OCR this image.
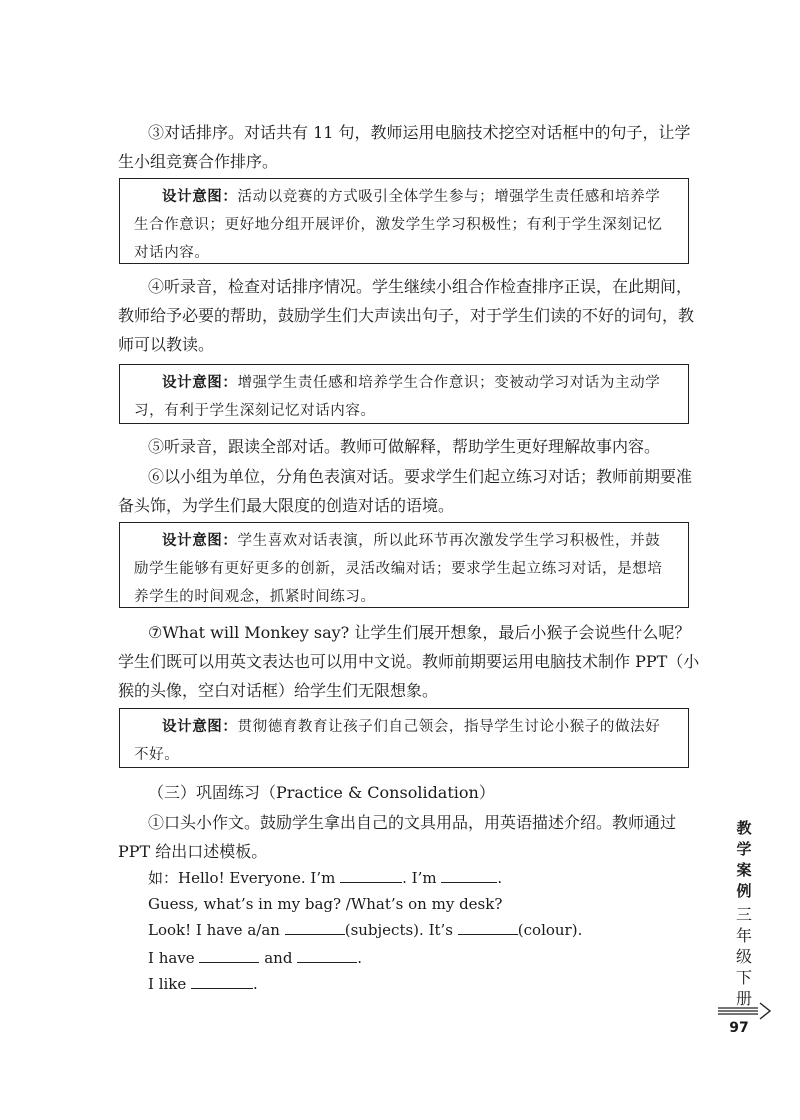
③对话排序。对话共有 11 句，教师运用电脑技术挖空对话框中的句子，让学生小组竞赛合作排序。

设计意图：活动以竞赛的方式吸引全体学生参与；增强学生责任感和培养学生合作意识；更好地分组开展评价，激发学生学习积极性；有利于学生深刻记忆对话内容。

④听录音，检查对话排序情况。学生继续小组合作检查排序正误，在此期间，教师给予必要的帮助，鼓励学生们大声读出句子，对于学生们读的不好的词句，教师可以教读。

设计意图：增强学生责任感和培养学生合作意识；变被动学习对话为主动学习，有利于学生深刻记忆对话内容。

⑤听录音，跟读全部对话。教师可做解释，帮助学生更好理解故事内容。

⑥以小组为单位，分角色表演对话。要求学生们起立练习对话；教师前期要准备头饰，为学生们最大限度的创造对话的语境。

设计意图：学生喜欢对话表演，所以此环节再次激发学生学习积极性，并鼓励学生能够有更好更多的创新，灵活改编对话；要求学生起立练习对话，是想培养学生的时间观念，抓紧时间练习。

⑦What will Monkey say? 让学生们展开想象，最后小猴子会说些什么呢？学生们既可以用英文表达也可以用中文说。教师前期要运用电脑技术制作 PPT（小猴的头像，空白对话框）给学生们无限想象。

设计意图：贯彻德育教育让孩子们自己领会，指导学生讨论小猴子的做法好不好。

（三）巩固练习（Practice & Consolidation）

①口头小作文。鼓励学生拿出自己的文具用品，用英语描述介绍。教师通过 PPT 给出口述模板。

如：Hello! Everyone. I’m	. I’m	.
Guess, what’s in my bag? /What’s on my desk?
Look! I have a/an	(subjects). It’s	(colour).
I have	and	.
I like	.
教
学
案
例
三
年
级
下
册
97
